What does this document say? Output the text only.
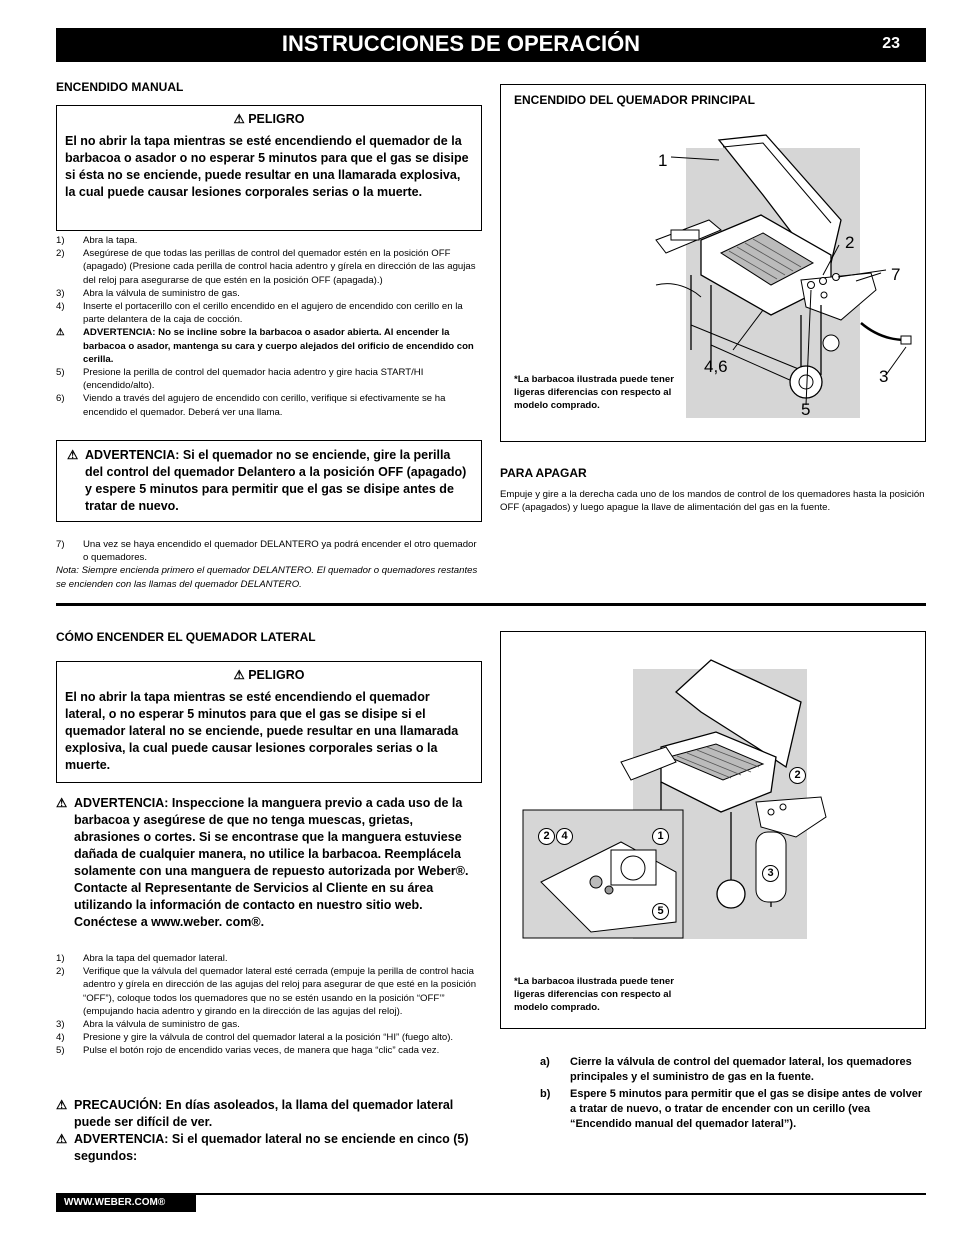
INSTRUCCIONES DE OPERACIÓN	23
ENCENDIDO MANUAL
⚠ PELIGRO
El no abrir la tapa mientras se esté encendiendo el quemador de la barbacoa o asador o no esperar 5 minutos para que el gas se disipe si ésta no se enciende, puede resultar en una llamarada explosiva, la cual puede causar lesiones corporales serias o la muerte.
1)	Abra la tapa.
2)	Asegúrese de que todas las perillas de control del quemador estén en la posición OFF (apagado) (Presione cada perilla de control hacia adentro y gírela en dirección de las agujas del reloj para asegurarse de que estén en la posición OFF (apagada).)
3)	Abra la válvula de suministro de gas.
4)	Inserte el portacerillo con el cerillo encendido en el agujero de encendido con cerillo en la parte delantera de la caja de cocción.
⚠	ADVERTENCIA: No se incline sobre la barbacoa o asador abierta. Al encender la barbacoa o asador, mantenga su cara y cuerpo alejados del orificio de encendido con cerilla.
5)	Presione la perilla de control del quemador hacia adentro y gire hacia START/HI (encendido/alto).
6)	Viendo a través del agujero de encendido con cerillo, verifique si efectivamente se ha encendido el quemador. Deberá ver una llama.
⚠ ADVERTENCIA: Si el quemador no se enciende, gire la perilla del control del quemador Delantero a la posición OFF (apagado) y espere 5 minutos para permitir que el gas se disipe antes de tratar de nuevo.
7)	Una vez se haya encendido el quemador DELANTERO ya podrá encender el otro quemador o quemadores.
Nota: Siempre encienda primero el quemador DELANTERO. El quemador o quemadores restantes se encienden con las llamas del quemador DELANTERO.
ENCENDIDO DEL QUEMADOR PRINCIPAL
1
2
7
4,6
3
5
*La barbacoa ilustrada puede tener ligeras diferencias con respecto al modelo comprado.
PARA APAGAR
Empuje y gire a la derecha cada uno de los mandos de control de los quemadores hasta la posición OFF (apagados) y luego apague la llave de alimentación del gas en la fuente.
CÓMO ENCENDER EL QUEMADOR LATERAL
⚠ PELIGRO
El no abrir la tapa mientras se esté encendiendo el quemador lateral, o no esperar 5 minutos para que el gas se disipe si el quemador lateral no se enciende, puede resultar en una llamarada explosiva, la cual puede causar lesiones corporales serias o la muerte.
⚠ ADVERTENCIA: Inspeccione la manguera previo a cada uso de la barbacoa y asegúrese de que no tenga muescas, grietas, abrasiones o cortes. Si se encontrase que la manguera estuviese dañada de cualquier manera, no utilice la barbacoa. Reemplácela solamente con una manguera de repuesto autorizada por Weber®. Contacte al Representante de Servicios al Cliente en su área utilizando la información de contacto en nuestro sitio web. Conéctese a www.weber. com®.
1)	Abra la tapa del quemador lateral.
2)	Verifique que la válvula del quemador lateral esté cerrada (empuje la perilla de control hacia adentro y gírela en dirección de las agujas del reloj para asegurar de que esté en la posición “OFF”), coloque todos los quemadores que no se estén usando en la posición “OFF’” (empujando hacia adentro y girando en la dirección de las agujas del reloj).
3)	Abra la válvula de suministro de gas.
4)	Presione y gire la válvula de control del quemador lateral a la posición “HI” (fuego alto).
5)	Pulse el botón rojo de encendido varias veces, de manera que haga “clic” cada vez.
⚠ PRECAUCIÓN: En días asoleados, la llama del quemador lateral puede ser difícil de ver.
⚠ ADVERTENCIA: Si el quemador lateral no se enciende en cinco (5) segundos:
2
2	4	1
3
5
*La barbacoa ilustrada puede tener ligeras diferencias con respecto al modelo comprado.
a)	Cierre la válvula de control del quemador lateral, los quemadores principales y el suministro de gas en la fuente.
b)	Espere 5 minutos para permitir que el gas se disipe antes de volver a tratar de nuevo, o tratar de encender con un cerillo (vea “Encendido manual del quemador lateral”).
WWW.WEBER.COM®
